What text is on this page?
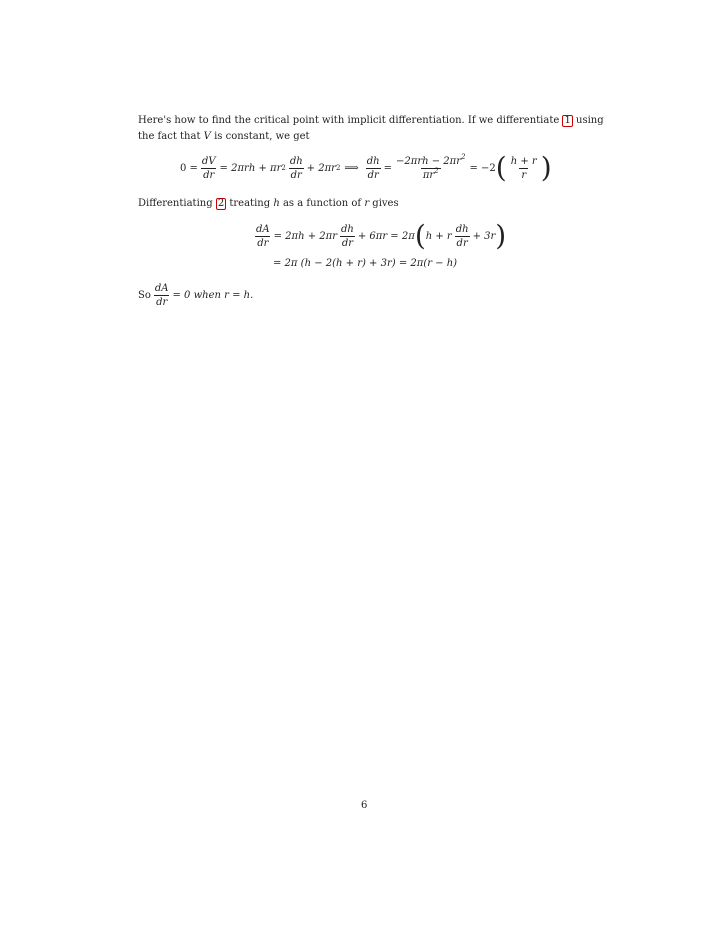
Here's how to find the critical point with implicit differentiation. If we differentiate 1 using
the fact that V is constant, we get
$0 = \frac{dV}{dr} = 2\pi rh + \pi r$ $2 \frac{dh}{dr} + 2\pi r$ 2 ⟹ $\frac{dh}{dr} = \frac{-2\pi rh - 2\pi r^2}{\pi r^2} = -2$ ( $\frac{h + r}{r}$ )
Differentiating 2 treating h as a function of r gives
$\frac{dA}{dr} = 2\pi h + 2\pi r \frac{dh}{dr} + 6\pi r = 2\pi$ ( h + r $\frac{dh}{dr} + 3r$ )
= 2π (h − 2(h + r) + 3r) = 2π(r − h)
So $\frac{dA}{dr} = 0$ when r = h.
6
